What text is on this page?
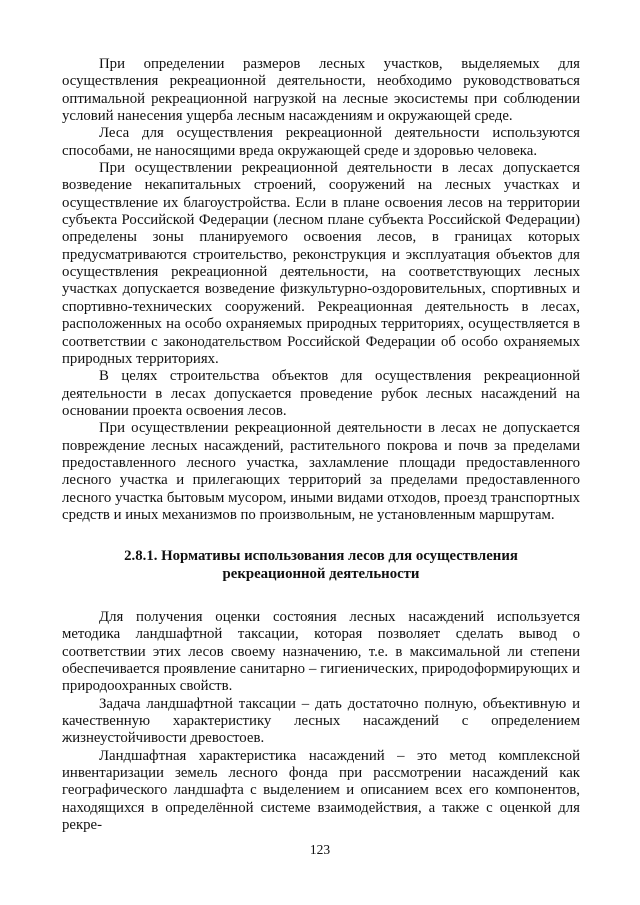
При определении размеров лесных участков, выделяемых для осуществления рекреационной деятельности, необходимо руководствоваться оптимальной рекреационной нагрузкой на лесные экосистемы при соблюдении условий нанесения ущерба лесным насаждениям и окружающей среде.

Леса для осуществления рекреационной деятельности используются способами, не наносящими вреда окружающей среде и здоровью человека.

При осуществлении рекреационной деятельности в лесах допускается возведение некапитальных строений, сооружений на лесных участках и осуществление их благоустройства. Если в плане освоения лесов на территории субъекта Российской Федерации (лесном плане субъекта Российской Федерации) определены зоны планируемого освоения лесов, в границах которых предусматриваются строительство, реконструкция и эксплуатация объектов для осуществления рекреационной деятельности, на соответствующих лесных участках допускается возведение физкультурно-оздоровительных, спортивных и спортивно-технических сооружений. Рекреационная деятельность в лесах, расположенных на особо охраняемых природных территориях, осуществляется в соответствии с законодательством Российской Федерации об особо охраняемых природных территориях.

В целях строительства объектов для осуществления рекреационной деятельности в лесах допускается проведение рубок лесных насаждений на основании проекта освоения лесов.

При осуществлении рекреационной деятельности в лесах не допускается повреждение лесных насаждений, растительного покрова и почв за пределами предоставленного лесного участка, захламление площади предоставленного лесного участка и прилегающих территорий за пределами предоставленного лесного участка бытовым мусором, иными видами отходов, проезд транспортных средств и иных механизмов по произвольным, не установленным маршрутам.

2.8.1. Нормативы использования лесов для осуществления рекреационной деятельности

Для получения оценки состояния лесных насаждений используется методика ландшафтной таксации, которая позволяет сделать вывод о соответствии этих лесов своему назначению, т.е. в максимальной ли степени обеспечивается проявление санитарно – гигиенических, природоформирующих и природоохранных свойств.

Задача ландшафтной таксации – дать достаточно полную, объективную и качественную характеристику лесных насаждений с определением жизнеустойчивости древостоев.

Ландшафтная характеристика насаждений – это метод комплексной инвентаризации земель лесного фонда при рассмотрении насаждений как географического ландшафта с выделением и описанием всех его компонентов, находящихся в определённой системе взаимодействия, а также с оценкой для рекре-

123
